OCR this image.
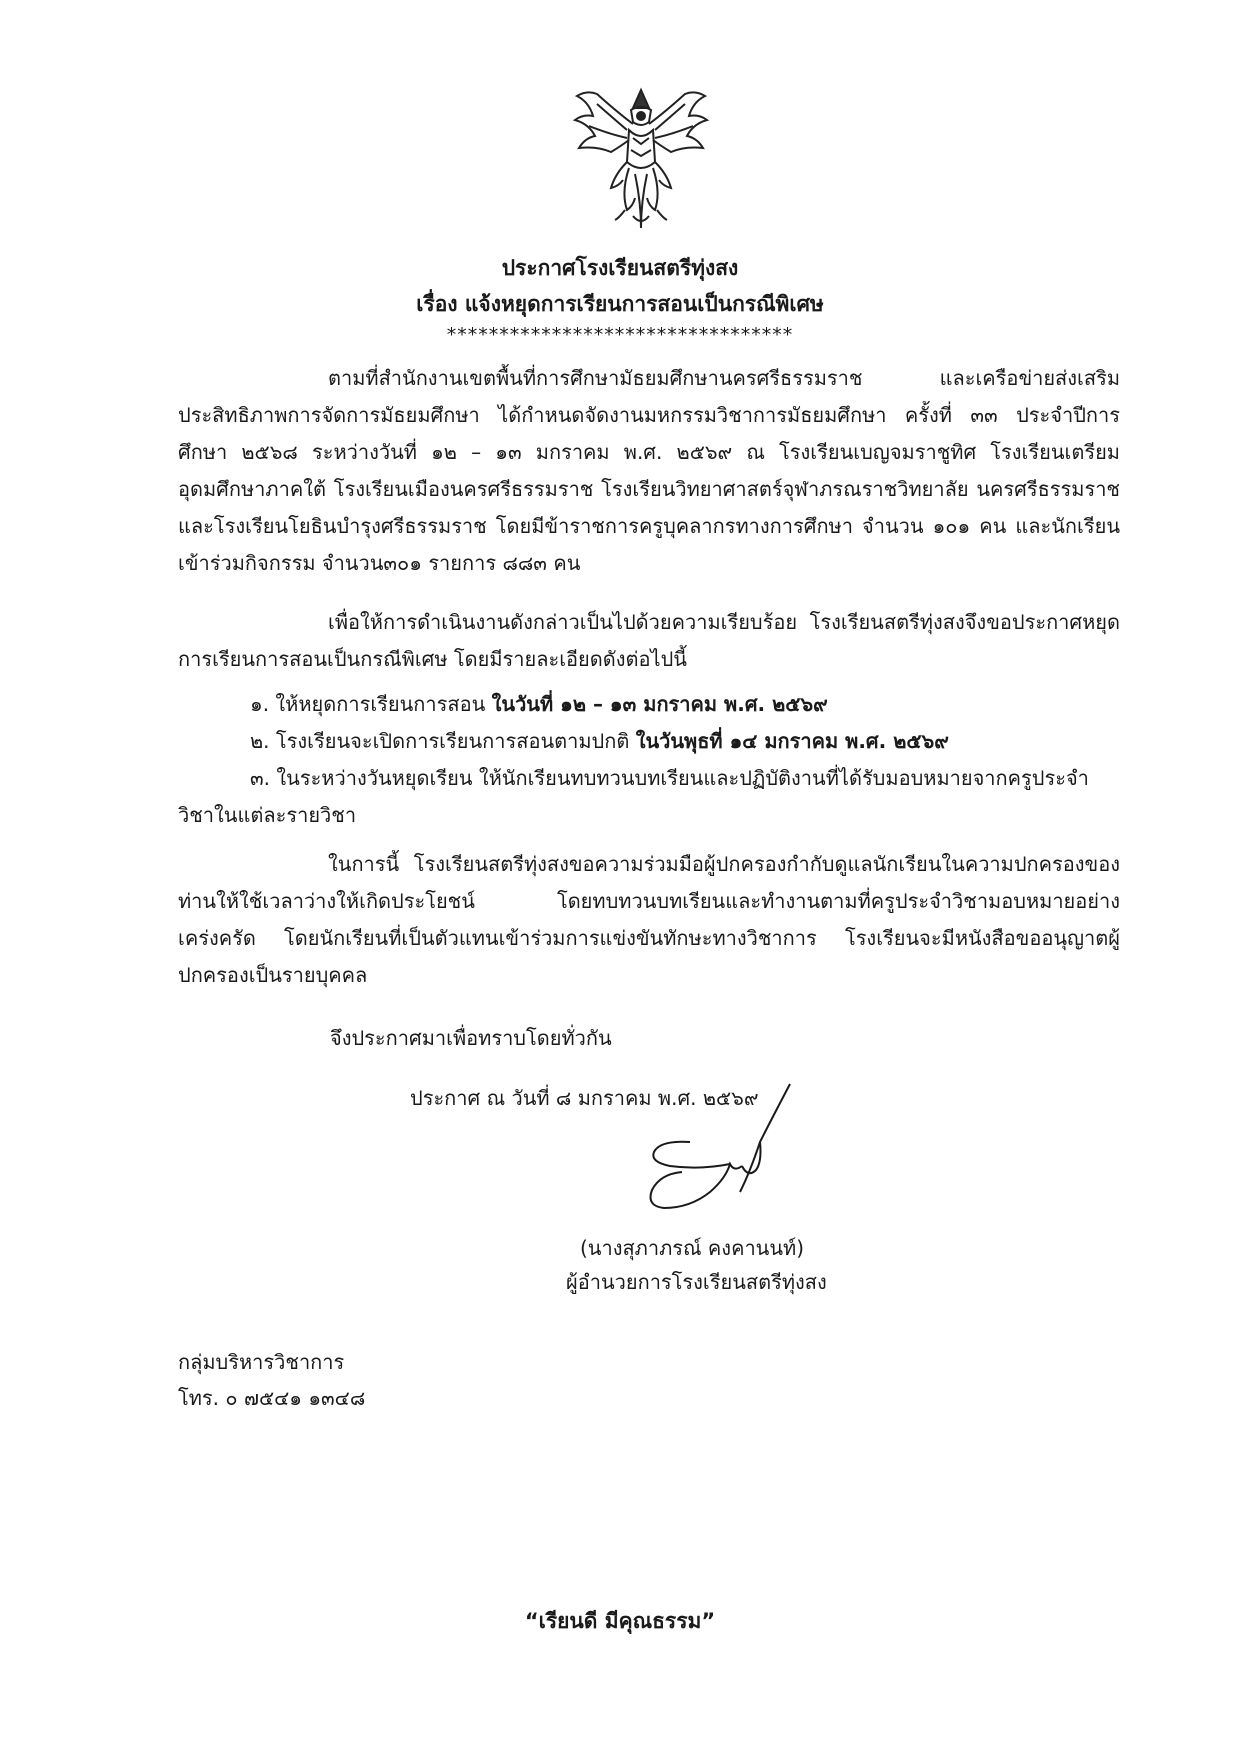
ประกาศโรงเรียนสตรีทุ่งสง
เรื่อง แจ้งหยุดการเรียนการสอนเป็นกรณีพิเศษ
*********************************

ตามที่สำนักงานเขตพื้นที่การศึกษามัธยมศึกษานครศรีธรรมราช และเครือข่ายส่งเสริมประสิทธิภาพการจัดการมัธยมศึกษา ได้กำหนดจัดงานมหกรรมวิชาการมัธยมศึกษา ครั้งที่ ๓๓ ประจำปีการศึกษา ๒๕๖๘ ระหว่างวันที่ ๑๒ – ๑๓ มกราคม พ.ศ. ๒๕๖๙ ณ โรงเรียนเบญจมราชูทิศ โรงเรียนเตรียมอุดมศึกษาภาคใต้ โรงเรียนเมืองนครศรีธรรมราช โรงเรียนวิทยาศาสตร์จุฬาภรณราชวิทยาลัย นครศรีธรรมราช และโรงเรียนโยธินบำรุงศรีธรรมราช โดยมีข้าราชการครูบุคลากรทางการศึกษา จำนวน ๑๐๑ คน และนักเรียนเข้าร่วมกิจกรรม จำนวน๓๐๑ รายการ ๘๘๓ คน

เพื่อให้การดำเนินงานดังกล่าวเป็นไปด้วยความเรียบร้อย โรงเรียนสตรีทุ่งสงจึงขอประกาศหยุดการเรียนการสอนเป็นกรณีพิเศษ โดยมีรายละเอียดดังต่อไปนี้

๑. ให้หยุดการเรียนการสอน ในวันที่ ๑๒ – ๑๓ มกราคม พ.ศ. ๒๕๖๙

๒. โรงเรียนจะเปิดการเรียนการสอนตามปกติ ในวันพุธที่ ๑๔ มกราคม พ.ศ. ๒๕๖๙

๓. ในระหว่างวันหยุดเรียน ให้นักเรียนทบทวนบทเรียนและปฏิบัติงานที่ได้รับมอบหมายจากครูประจำวิชาในแต่ละรายวิชา

ในการนี้ โรงเรียนสตรีทุ่งสงขอความร่วมมือผู้ปกครองกำกับดูแลนักเรียนในความปกครองของท่านให้ใช้เวลาว่างให้เกิดประโยชน์ โดยทบทวนบทเรียนและทำงานตามที่ครูประจำวิชามอบหมายอย่างเคร่งครัด โดยนักเรียนที่เป็นตัวแทนเข้าร่วมการแข่งขันทักษะทางวิชาการ โรงเรียนจะมีหนังสือขออนุญาตผู้ปกครองเป็นรายบุคคล

จึงประกาศมาเพื่อทราบโดยทั่วกัน
ประกาศ ณ วันที่ ๘ มกราคม พ.ศ. ๒๕๖๙
(นางสุภาภรณ์ คงคานนท์)
ผู้อำนวยการโรงเรียนสตรีทุ่งสง
กลุ่มบริหารวิชาการ
โทร. ๐ ๗๕๔๑ ๑๓๔๘
“เรียนดี มีคุณธรรม”
